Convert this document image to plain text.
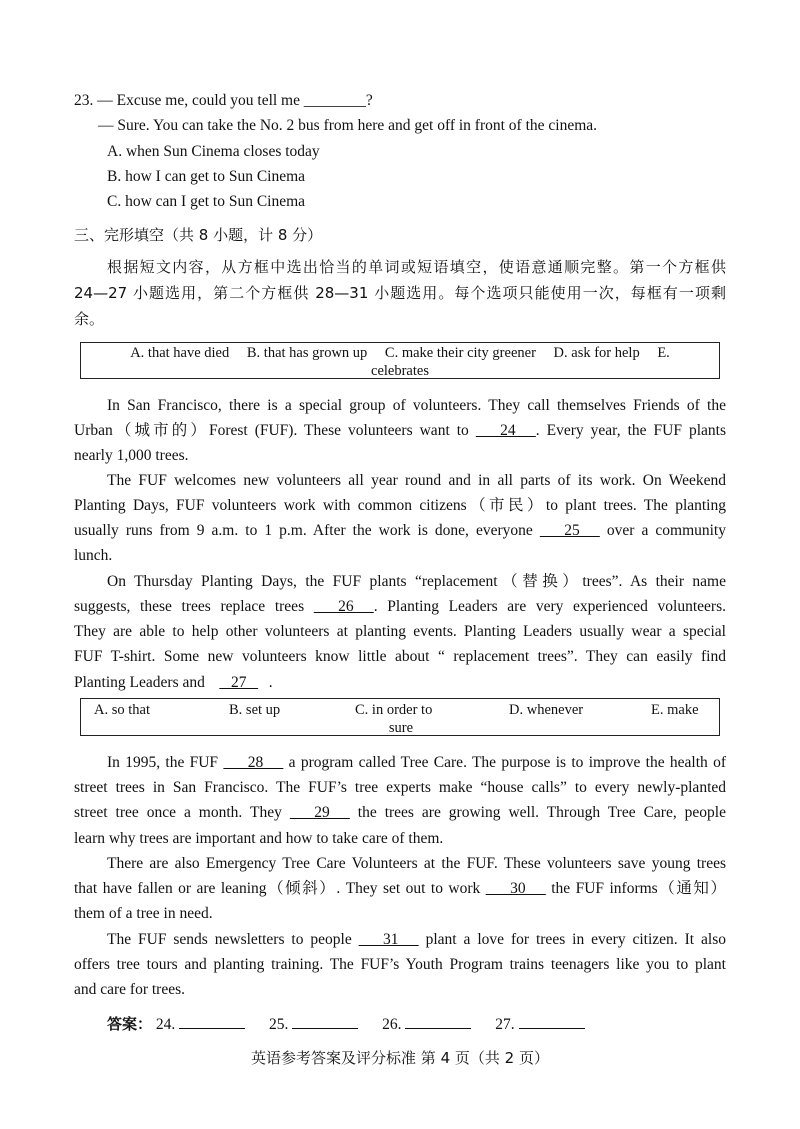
23. — Excuse me, could you tell me ________?
— Sure. You can take the No. 2 bus from here and get off in front of the cinema.
A. when Sun Cinema closes today
B. how I can get to Sun Cinema
C. how can I get to Sun Cinema
三、完形填空（共 8 小题，计 8 分）
根据短文内容，从方框中选出恰当的单词或短语填空，使语意通顺完整。第一个方框供
24—27 小题选用，第二个方框供 28—31 小题选用。每个选项只能使用一次，每框有一项剩
余。
A. that have died B. that has grown up C. make their city greener D. ask for help E.
celebrates
In San Francisco, there is a special group of volunteers. They call themselves Friends of the
Urban（城市的）Forest (FUF). These volunteers want to    24   . Every year, the FUF plants
nearly 1,000 trees.
The FUF welcomes new volunteers all year round and in all parts of its work. On Weekend
Planting Days, FUF volunteers work with common citizens（市民）to plant trees. The planting
usually runs from 9 a.m. to 1 p.m. After the work is done, everyone    25    over a community
lunch.
On Thursday Planting Days, the FUF plants “replacement（替换）trees”. As their name
suggests, these trees replace trees    26   . Planting Leaders are very experienced volunteers.
They are able to help other volunteers at planting events. Planting Leaders usually wear a special
FUF T-shirt. Some new volunteers know little about “ replacement trees”. They can easily find
Planting Leaders and    27   .
A. so that	B. set up	C. in order to	D. whenever	E. make
sure
In 1995, the FUF    28    a program called Tree Care. The purpose is to improve the health of
street trees in San Francisco. The FUF’s tree experts make “house calls” to every newly-planted
street tree once a month. They    29    the trees are growing well. Through Tree Care, people
learn why trees are important and how to take care of them.
There are also Emergency Tree Care Volunteers at the FUF. These volunteers save young trees
that have fallen or are leaning（倾斜）. They set out to work    30    the FUF informs（通知）
them of a tree in need.
The FUF sends newsletters to people    31    plant a love for trees in every citizen. It also
offers tree tours and planting training. The FUF’s Youth Program trains teenagers like you to plant
and care for trees.
答案： 24.	25.	26.	27.
英语参考答案及评分标准 第 4 页（共 2 页）
